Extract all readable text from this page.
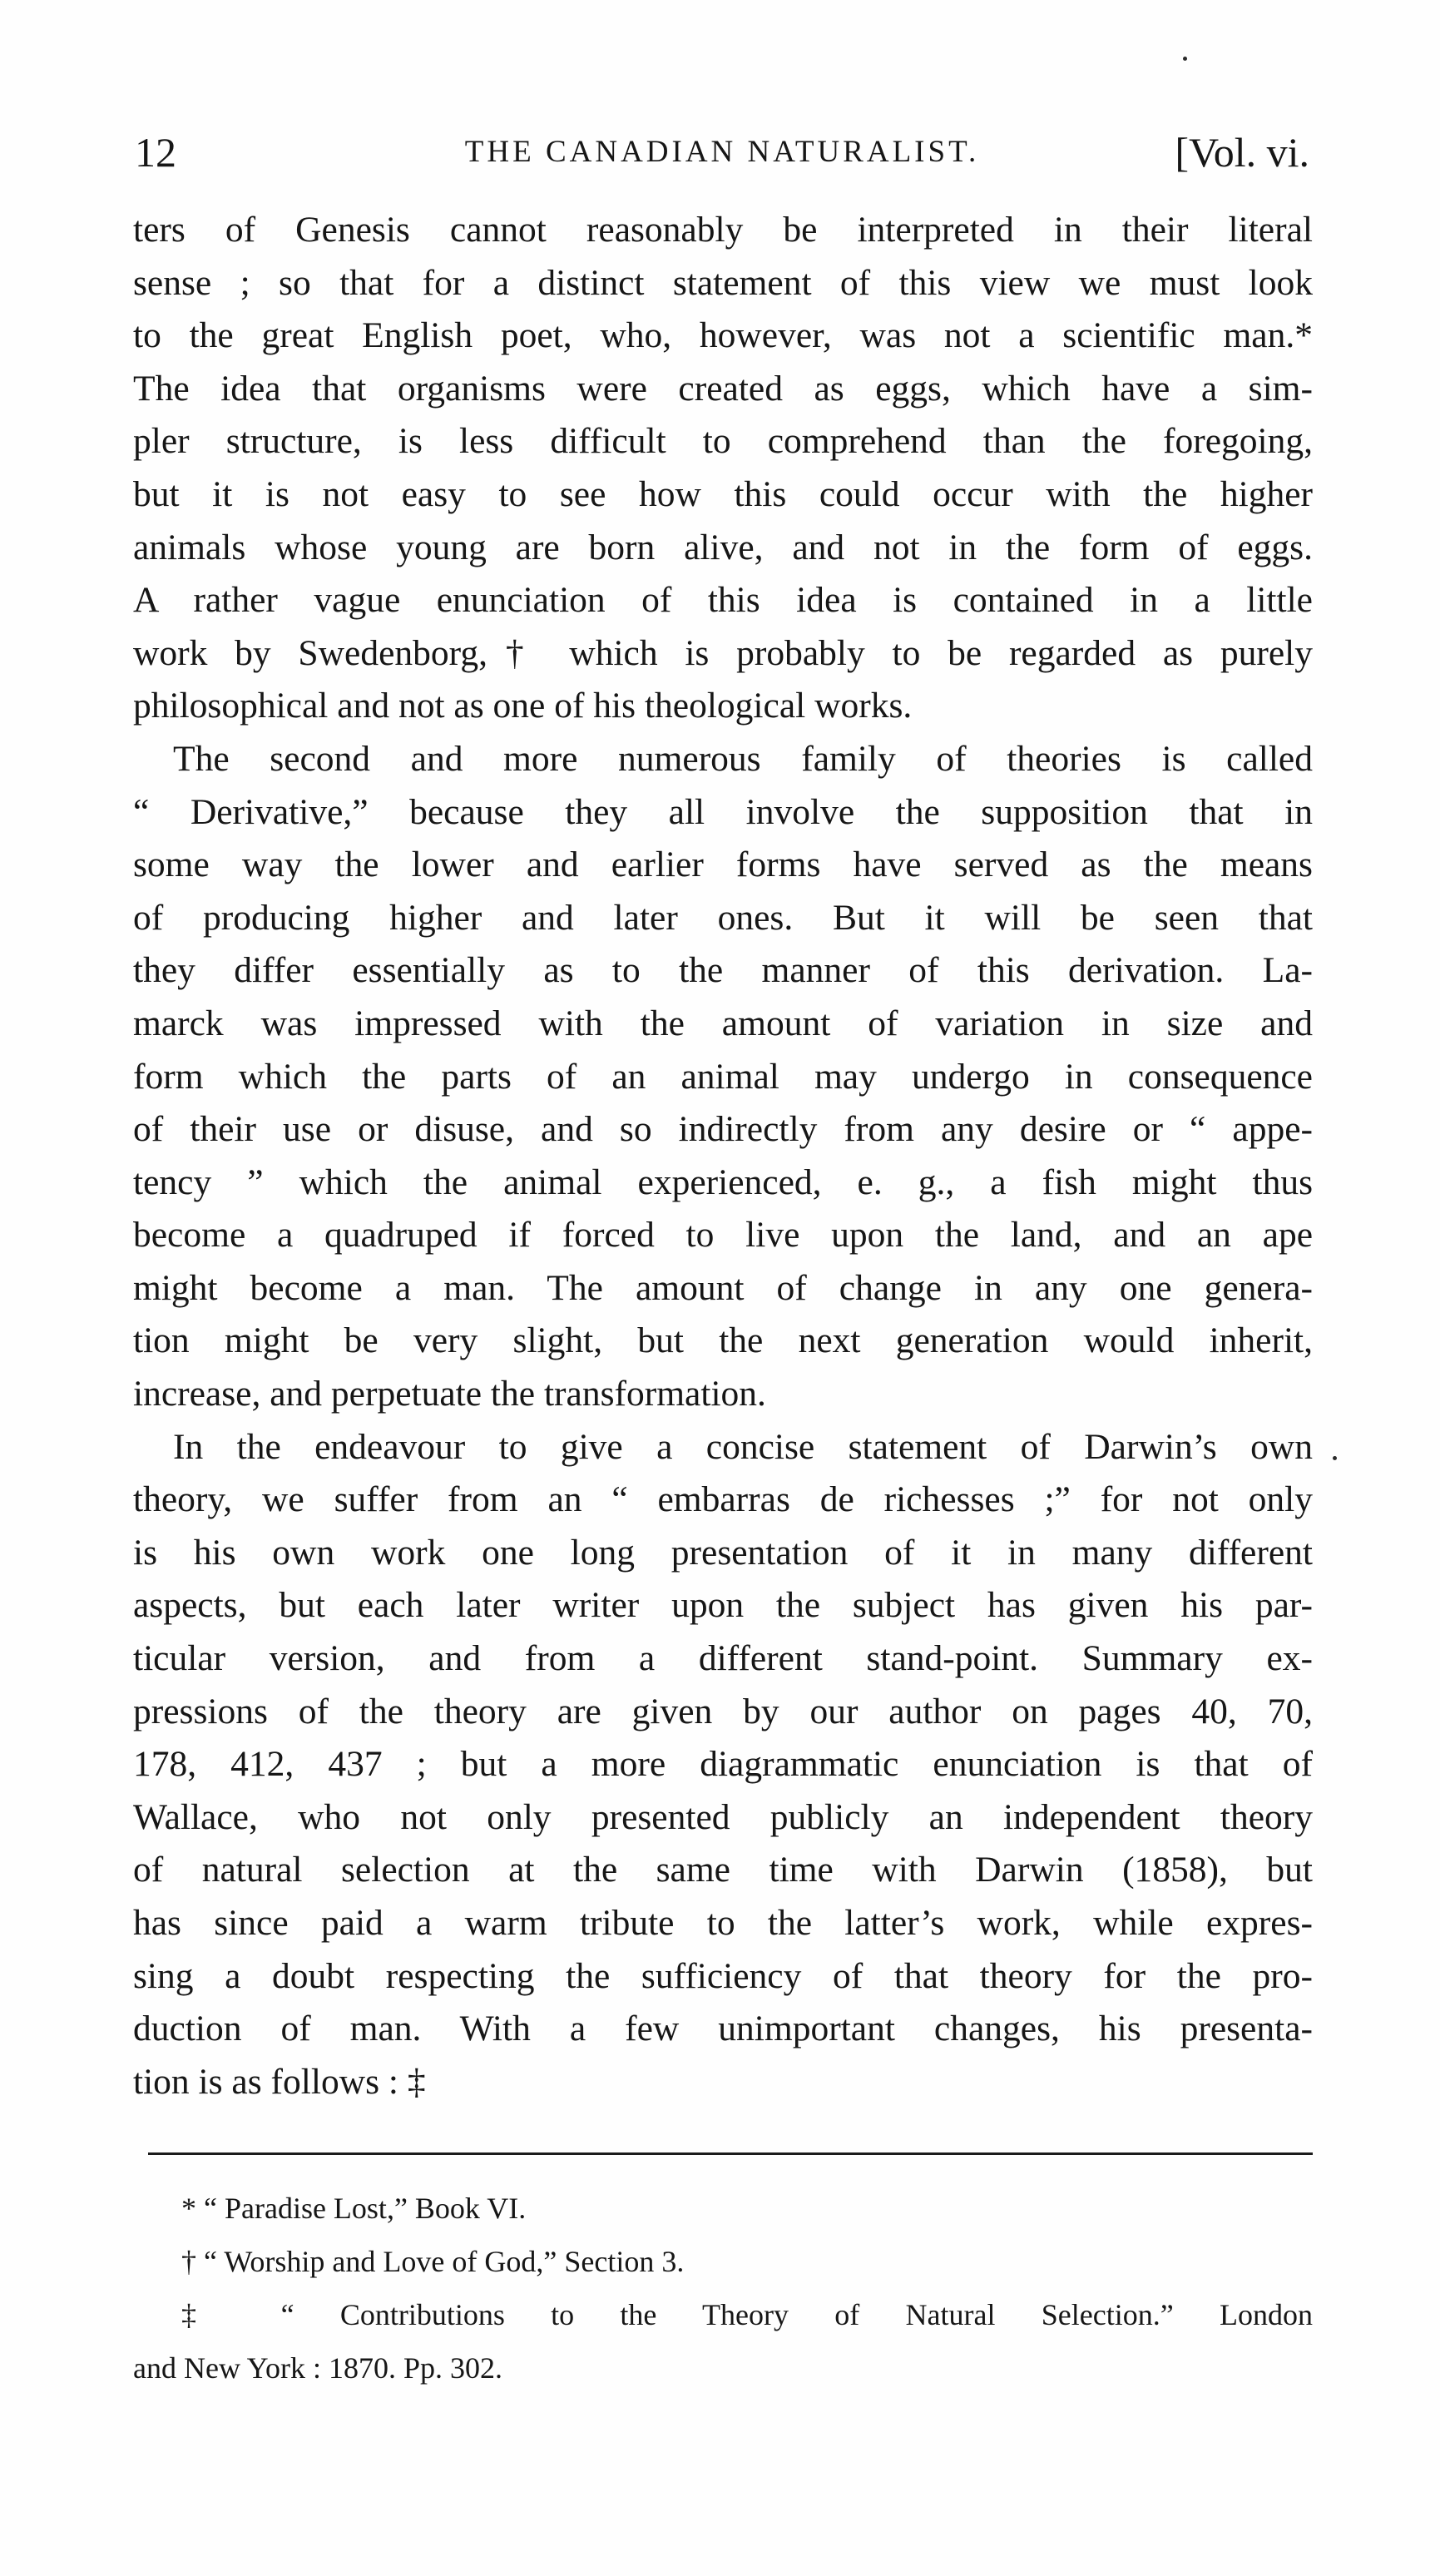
12	THE CANADIAN NATURALIST.	[Vol. vi.
ters of Genesis cannot reasonably be interpreted in their literal
sense ; so that for a distinct statement of this view we must look
to the great English poet, who, however, was not a scientific man.*
The idea that organisms were created as eggs, which have a sim-
pler structure, is less difficult to comprehend than the foregoing,
but it is not easy to see how this could occur with the higher
animals whose young are born alive, and not in the form of eggs.
A rather vague enunciation of this idea is contained in a little
work by Swedenborg,† which is probably to be regarded as purely
philosophical and not as one of his theological works.
The second and more numerous family of theories is called
“ Derivative,” because they all involve the supposition that in
some way the lower and earlier forms have served as the means
of producing higher and later ones. But it will be seen that
they differ essentially as to the manner of this derivation. La-
marck was impressed with the amount of variation in size and
form which the parts of an animal may undergo in consequence
of their use or disuse, and so indirectly from any desire or “ appe-
tency ” which the animal experienced, e. g., a fish might thus
become a quadruped if forced to live upon the land, and an ape
might become a man. The amount of change in any one genera-
tion might be very slight, but the next generation would inherit,
increase, and perpetuate the transformation.
In the endeavour to give a concise statement of Darwin’s own
theory, we suffer from an “ embarras de richesses ;” for not only
is his own work one long presentation of it in many different
aspects, but each later writer upon the subject has given his par-
ticular version, and from a different stand-point. Summary ex-
pressions of the theory are given by our author on pages 40, 70,
178, 412, 437 ; but a more diagrammatic enunciation is that of
Wallace, who not only presented publicly an independent theory
of natural selection at the same time with Darwin (1858), but
has since paid a warm tribute to the latter’s work, while expres-
sing a doubt respecting the sufficiency of that theory for the pro-
duction of man. With a few unimportant changes, his presenta-
tion is as follows : ‡
* “ Paradise Lost,” Book VI.
† “ Worship and Love of God,” Section 3.
‡ “ Contributions to the Theory of Natural Selection.” London
and New York : 1870. Pp. 302.
